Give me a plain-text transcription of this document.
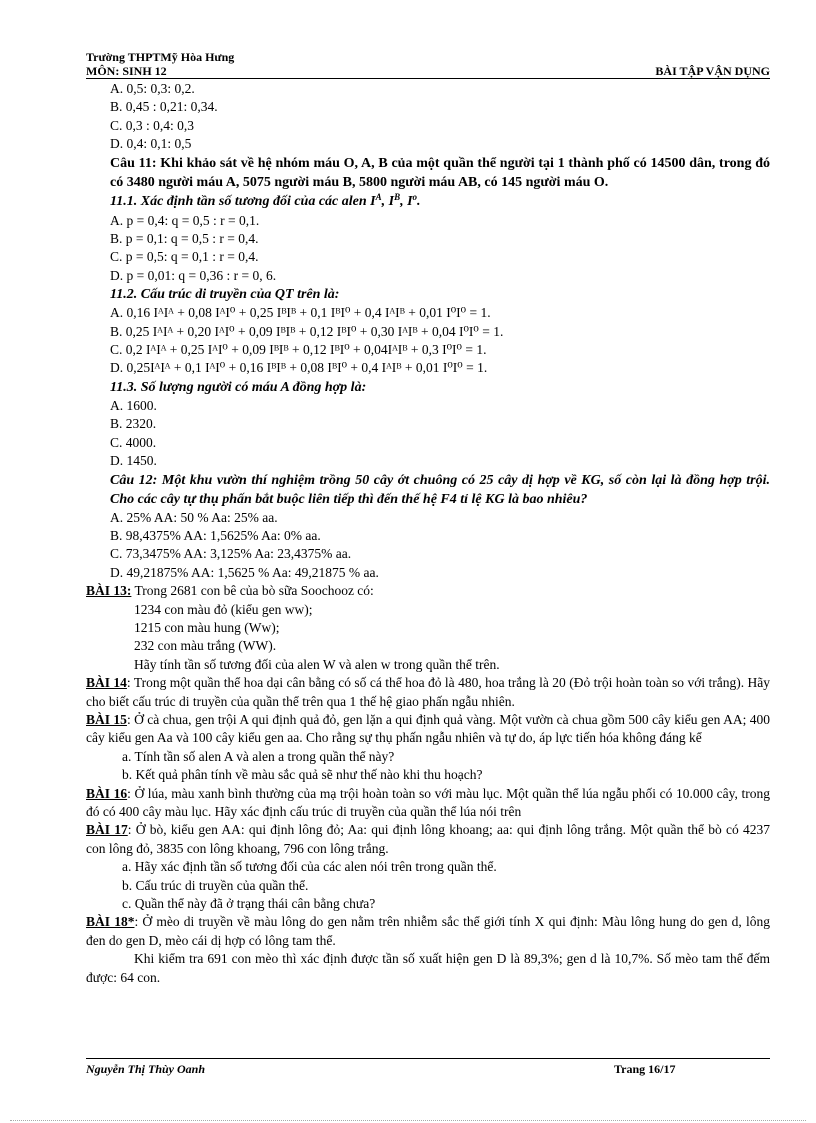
Trường THPTMỹ Hòa Hưng
MÔN: SINH 12	BÀI TẬP VẬN DỤNG

A. 0,5: 0,3: 0,2.

B. 0,45 : 0,21: 0,34.

C. 0,3 : 0,4: 0,3

D. 0,4: 0,1: 0,5

Câu 11: Khi khảo sát về hệ nhóm máu O, A, B của một quần thể người tại 1 thành phố có 14500 dân, trong đó có 3480 người máu A, 5075 người máu B, 5800 người máu AB, có 145 người máu O.

11.1. Xác định tần số tương đối của các alen $I^A$, $I^B$, $I^o$.

A. p = 0,4: q = 0,5 : r = 0,1.

B. p = 0,1: q = 0,5 : r = 0,4.

C. p = 0,5: q = 0,1 : r = 0,4.

D. p = 0,01: q = 0,36 : r = 0, 6.

11.2. Cấu trúc di truyền của QT trên là:

A. 0,16 IᴬIᴬ + 0,08 IᴬI⁰ + 0,25 IᴮIᴮ + 0,1 IᴮI⁰ + 0,4 IᴬIᴮ + 0,01 I⁰I⁰ = 1.

B. 0,25 IᴬIᴬ + 0,20 IᴬI⁰ + 0,09 IᴮIᴮ + 0,12 IᴮI⁰ + 0,30 IᴬIᴮ + 0,04 I⁰I⁰ = 1.

C. 0,2 IᴬIᴬ + 0,25 IᴬI⁰ + 0,09 IᴮIᴮ + 0,12 IᴮI⁰ + 0,04IᴬIᴮ + 0,3 I⁰I⁰ = 1.

D. 0,25IᴬIᴬ + 0,1 IᴬI⁰ + 0,16 IᴮIᴮ + 0,08 IᴮI⁰ + 0,4 IᴬIᴮ + 0,01 I⁰I⁰ = 1.

11.3. Số lượng người có máu A đồng hợp là:

A. 1600.

B. 2320.

C. 4000.

D. 1450.

Câu 12: Một khu vườn thí nghiệm trồng 50 cây ớt chuông có 25 cây dị hợp về KG, số còn lại là đồng hợp trội. Cho các cây tự thụ phấn bắt buộc liên tiếp thì đến thế hệ F4 tỉ lệ KG là bao nhiêu?

A. 25% AA: 50 % Aa: 25% aa.

B. 98,4375% AA: 1,5625% Aa: 0% aa.

C. 73,3475% AA: 3,125% Aa: 23,4375% aa.

D. 49,21875% AA: 1,5625 % Aa: 49,21875 % aa.

BÀI 13: Trong 2681 con bê của bò sữa Soochooz có:

1234 con màu đỏ (kiểu gen ww);

1215 con màu hung (Ww);

232 con màu trắng (WW).

Hãy tính tần số tương đối của alen W và alen w trong quần thể trên.

BÀI 14: Trong một quần thể hoa dại cân bằng có số cá thể hoa đỏ là 480, hoa trắng là 20 (Đỏ trội hoàn toàn so với trắng). Hãy cho biết cấu trúc di truyền của quần thể trên qua 1 thế hệ giao phấn ngẫu nhiên.

BÀI 15: Ở cà chua, gen trội A qui định quả đỏ, gen lặn a qui định quả vàng. Một vườn cà chua gồm 500 cây kiểu gen AA; 400 cây kiểu gen Aa và 100 cây kiểu gen aa. Cho rằng sự thụ phấn ngẫu nhiên và tự do, áp lực tiến hóa không đáng kể

a. Tính tần số alen A và alen a trong quần thể này?

b. Kết quả phân tính về màu sắc quả sẽ như thế nào khi thu hoạch?

BÀI 16: Ở lúa, màu xanh bình thường của mạ trội hoàn toàn so với màu lục. Một quần thể lúa ngẫu phối có 10.000 cây, trong đó có 400 cây màu lục. Hãy xác định cấu trúc di truyền của quần thể lúa nói trên

BÀI 17: Ở bò, kiểu gen AA: qui định lông đỏ; Aa: qui định lông khoang; aa: qui định lông trắng. Một quần thể bò có 4237 con lông đỏ, 3835 con lông khoang, 796 con lông trắng.

a. Hãy xác định tần số tương đối của các alen nói trên trong quần thể.

b. Cấu trúc di truyền của quần thể.

c. Quần thể này đã ở trạng thái cân bằng chưa?

BÀI 18*: Ở mèo di truyền về màu lông do gen nằm trên nhiễm sắc thể giới tính X qui định: Màu lông hung do gen d, lông đen do gen D, mèo cái dị hợp có lông tam thể.

Khi kiểm tra 691 con mèo thì xác định được tần số xuất hiện gen D là 89,3%; gen d là 10,7%. Số mèo tam thể đếm được: 64 con.

Nguyễn Thị Thùy Oanh	Trang 16/17
